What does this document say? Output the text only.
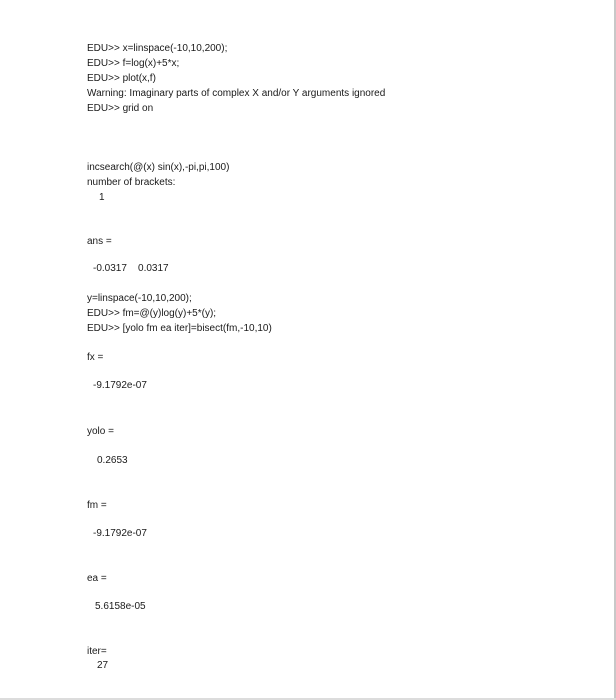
EDU>> x=linspace(-10,10,200);
EDU>> f=log(x)+5*x;
EDU>> plot(x,f)
Warning: Imaginary parts of complex X and/or Y arguments ignored
EDU>> grid on
incsearch(@(x) sin(x),-pi,pi,100)
number of brackets:
1
ans =
-0.0317    0.0317
y=linspace(-10,10,200);
EDU>> fm=@(y)log(y)+5*(y);
EDU>> [yolo fm ea iter]=bisect(fm,-10,10)
fx =
-9.1792e-07
yolo =
0.2653
fm =
-9.1792e-07
ea =
5.6158e-05
iter=
27
